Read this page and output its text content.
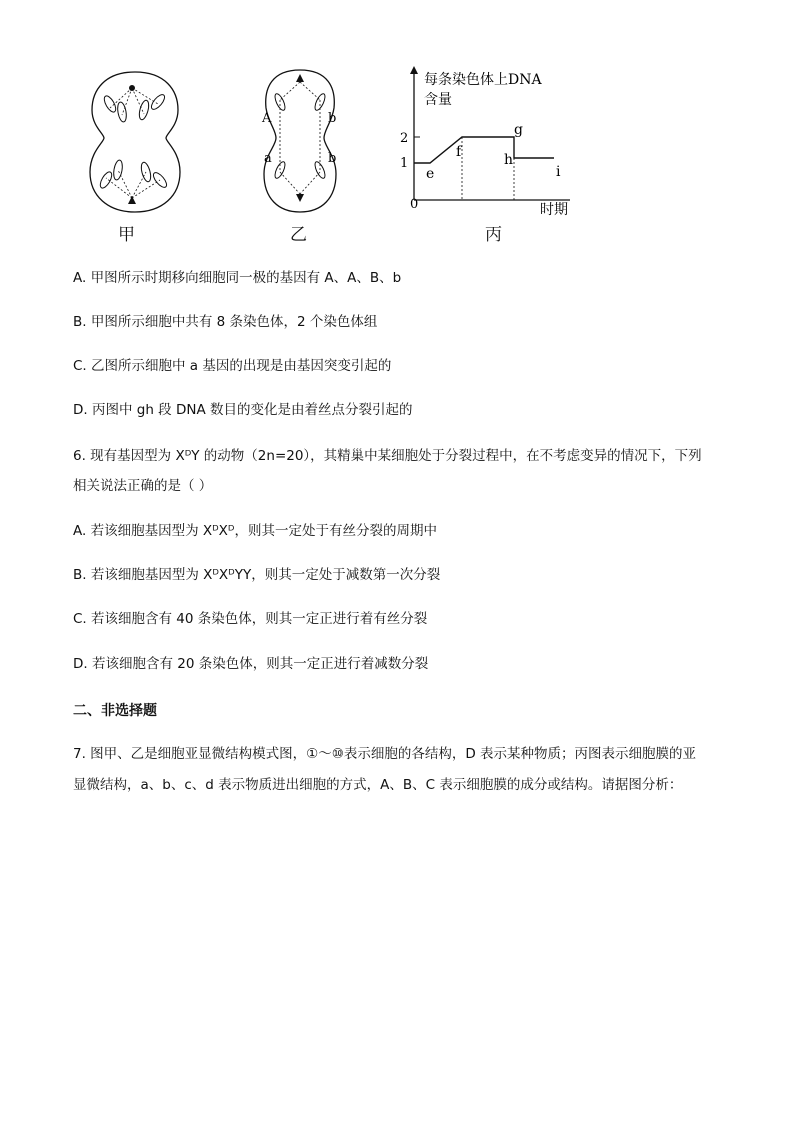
甲
A	b
a	b
乙
每条染色体上DNA
含量
时期
0
2
1
e
f
g
h
i
丙
A. 甲图所示时期移向细胞同一极的基因有 A、A、B、b
B. 甲图所示细胞中共有 8 条染色体，2 个染色体组
C. 乙图所示细胞中 a 基因的出现是由基因突变引起的
D. 丙图中 gh 段 DNA 数目的变化是由着丝点分裂引起的
6. 现有基因型为 XᴰY 的动物（2n=20），其精巢中某细胞处于分裂过程中，在不考虑变异的情况下，下列
相关说法正确的是（ ）
A. 若该细胞基因型为 XᴰXᴰ，则其一定处于有丝分裂的周期中
B. 若该细胞基因型为 XᴰXᴰYY，则其一定处于减数第一次分裂
C. 若该细胞含有 40 条染色体，则其一定正进行着有丝分裂
D. 若该细胞含有 20 条染色体，则其一定正进行着减数分裂
二、非选择题
7. 图甲、乙是细胞亚显微结构模式图，①～⑩表示细胞的各结构，D 表示某种物质；丙图表示细胞膜的亚
显微结构，a、b、c、d 表示物质进出细胞的方式，A、B、C 表示细胞膜的成分或结构。请据图分析：
